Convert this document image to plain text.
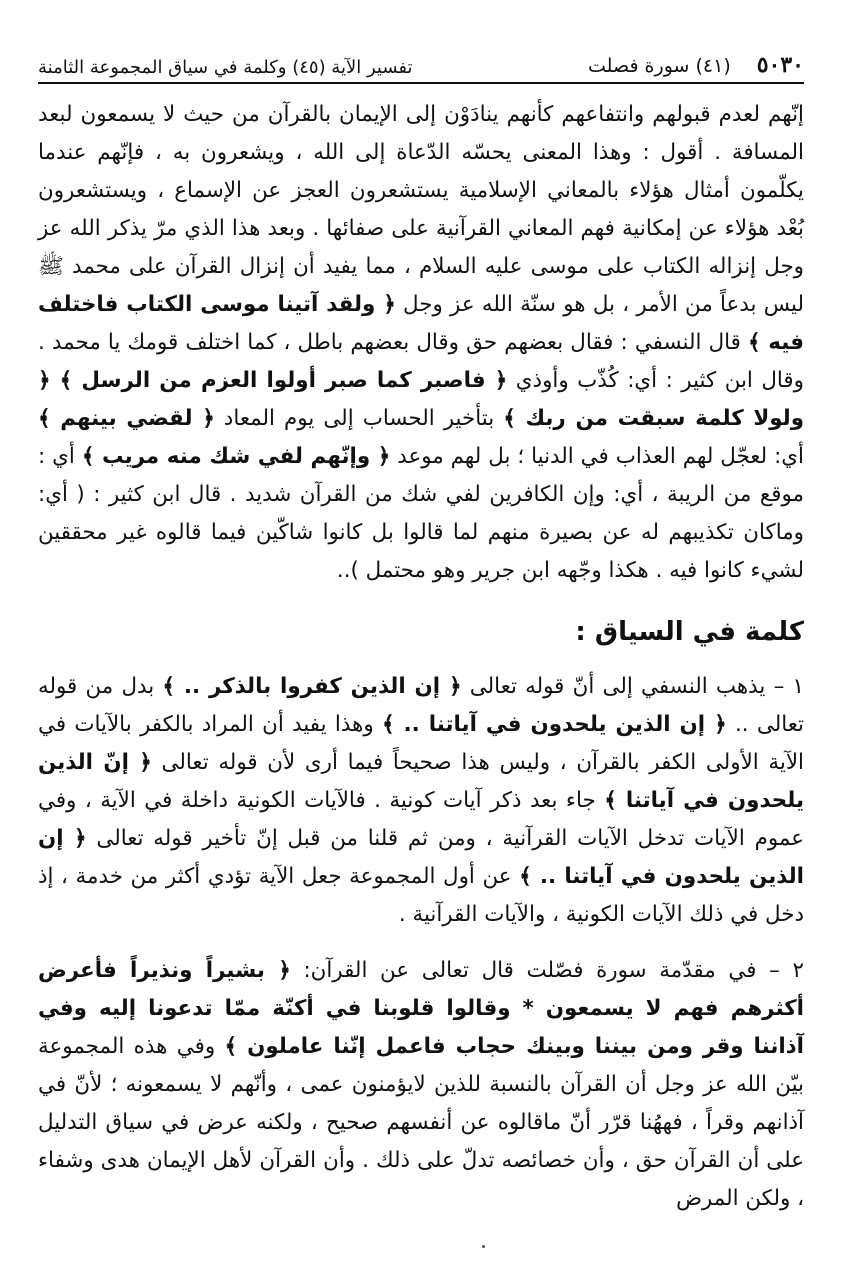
٥٠٣٠
(٤١) سورة فصلت
تفسير الآية (٤٥) وكلمة في سياق المجموعة الثامنة

إنّهم لعدم قبولهم وانتفاعهم كأنهم ينادَوْن إلى الإيمان بالقرآن من حيث لا يسمعون لبعد المسافة . أقول : وهذا المعنى يحسّه الدّعاة إلى الله ، ويشعرون به ، فإنّهم عندما يكلّمون أمثال هؤلاء بالمعاني الإسلامية يستشعرون العجز عن الإسماع ، ويستشعرون بُعْد هؤلاء عن إمكانية فهم المعاني القرآنية على صفائها . وبعد هذا الذي مرّ يذكر الله عز وجل إنزاله الكتاب على موسى عليه السلام ، مما يفيد أن إنزال القرآن على محمد ﷺ ليس بدعاً من الأمر ، بل هو سنّة الله عز وجل ﴿ ولقد آتينا موسى الكتاب فاختلف فيه ﴾ قال النسفي : فقال بعضهم حق وقال بعضهم باطل ، كما اختلف قومك يا محمد . وقال ابن كثير : أي: كُذّب وأوذي ﴿ فاصبر كما صبر أولوا العزم من الرسل ﴾ ﴿ ولولا كلمة سبقت من ربك ﴾ بتأخير الحساب إلى يوم المعاد ﴿ لقضي بينهم ﴾ أي: لعجّل لهم العذاب في الدنيا ؛ بل لهم موعد ﴿ وإنّهم لفي شك منه مريب ﴾ أي : موقع من الريبة ، أي: وإن الكافرين لفي شك من القرآن شديد . قال ابن كثير : ( أي: وماكان تكذيبهم له عن بصيرة منهم لما قالوا بل كانوا شاكّين فيما قالوه غير محققين لشيء كانوا فيه . هكذا وجّهه ابن جرير وهو محتمل )..

كلمة في السياق :

١ – يذهب النسفي إلى أنّ قوله تعالى ﴿ إن الذين كفروا بالذكر .. ﴾ بدل من قوله تعالى .. ﴿ إن الذين يلحدون في آياتنا .. ﴾ وهذا يفيد أن المراد بالكفر بالآيات في الآية الأولى الكفر بالقرآن ، وليس هذا صحيحاً فيما أرى لأن قوله تعالى ﴿ إنّ الذين يلحدون في آياتنا ﴾ جاء بعد ذكر آيات كونية . فالآيات الكونية داخلة في الآية ، وفي عموم الآيات تدخل الآيات القرآنية ، ومن ثم قلنا من قبل إنّ تأخير قوله تعالى ﴿ إن الذين يلحدون في آياتنا .. ﴾ عن أول المجموعة جعل الآية تؤدي أكثر من خدمة ، إذ دخل في ذلك الآيات الكونية ، والآيات القرآنية .

٢ – في مقدّمة سورة فصّلت قال تعالى عن القرآن: ﴿ بشيراً ونذيراً فأعرض أكثرهم فهم لا يسمعون * وقالوا قلوبنا في أكنّة ممّا تدعونا إليه وفي آذاننا وقر ومن بيننا وبينك حجاب فاعمل إنّنا عاملون ﴾ وفي هذه المجموعة بيّن الله عز وجل أن القرآن بالنسبة للذين لايؤمنون عمى ، وأنّهم لا يسمعونه ؛ لأنّ في آذانهم وقراً ، فههُنا قرّر أنّ ماقالوه عن أنفسهم صحيح ، ولكنه عرض في سياق التدليل على أن القرآن حق ، وأن خصائصه تدلّ على ذلك . وأن القرآن لأهل الإيمان هدى وشفاء ، ولكن المرض
